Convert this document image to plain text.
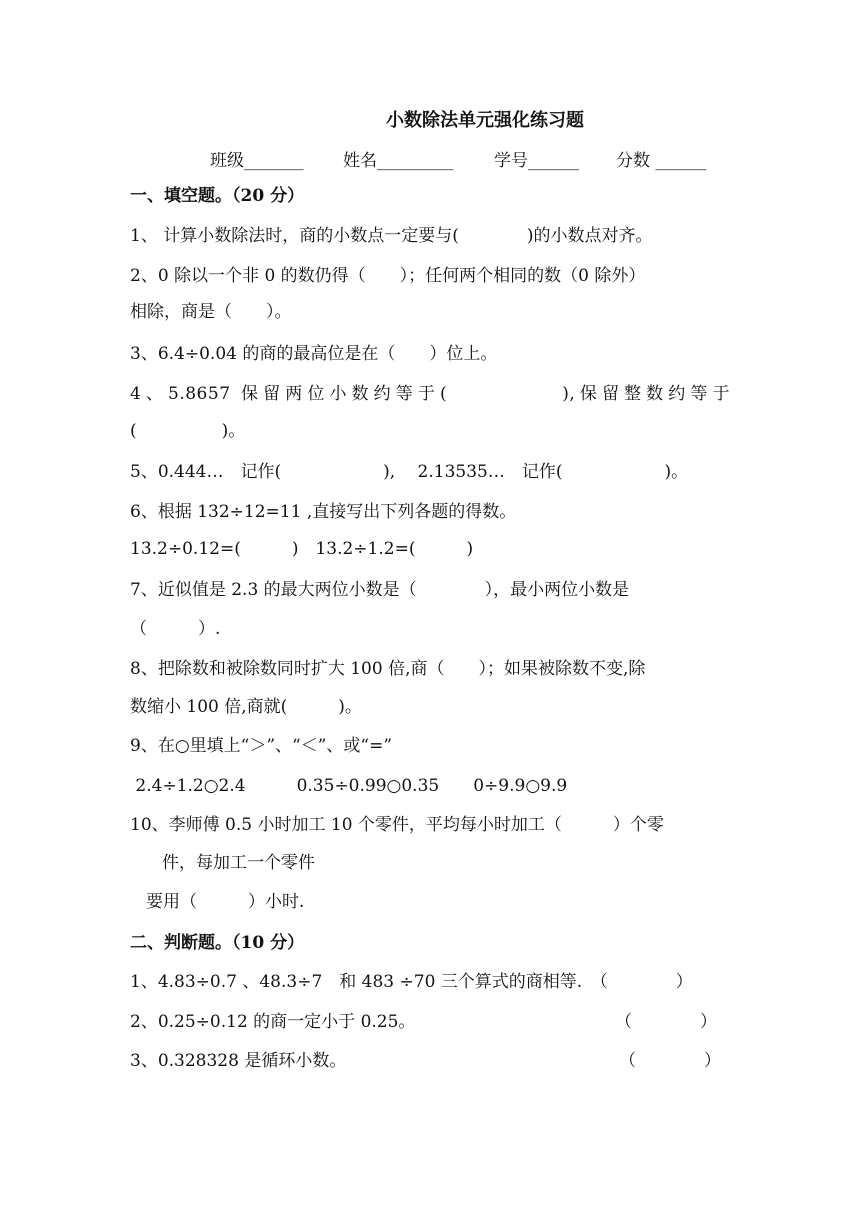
小数除法单元强化练习题
班级_______ 姓名_________ 学号______ 分数 ______
一、填空题。（20 分）
1、 计算小数除法时，商的小数点一定要与(　　　　)的小数点对齐。
2、0 除以一个非 0 的数仍得（　　）；任何两个相同的数（0 除外）
相除，商是（　　）。
3、6.4÷0.04 的商的最高位是在（　　）位上。
4、5.8657 保留两位小数约等于(　　　　　),保留整数约等于
(　　　　　)。
5、0.444…　记作(　　　　　　),　 2.13535…　记作(　　　　　　)。
6、根据 132÷12=11 ,直接写出下列各题的得数。
13.2÷0.12=(　　　)　13.2÷1.2=(　　　)
7、近似值是 2.3 的最大两位小数是（　　　　），最小两位小数是
（　　　）.
8、把除数和被除数同时扩大 100 倍,商（　　）；如果被除数不变,除
数缩小 100 倍,商就(　　　)。
9、在○里填上“＞”、“＜”、或“=”
2.4÷1.2○2.4　　　0.35÷0.99○0.35　　0÷9.9○9.9
10、李师傅 0.5 小时加工 10 个零件，平均每小时加工（　　　）个零
件，每加工一个零件
要用（　　　）小时.
二、判断题。（10 分）
1、4.83÷0.7 、48.3÷7　和 483 ÷70 三个算式的商相等.　（　　　　）
2、0.25÷0.12 的商一定小于 0.25。	（　　　　）
3、0.328328 是循环小数。	（　　　　）
